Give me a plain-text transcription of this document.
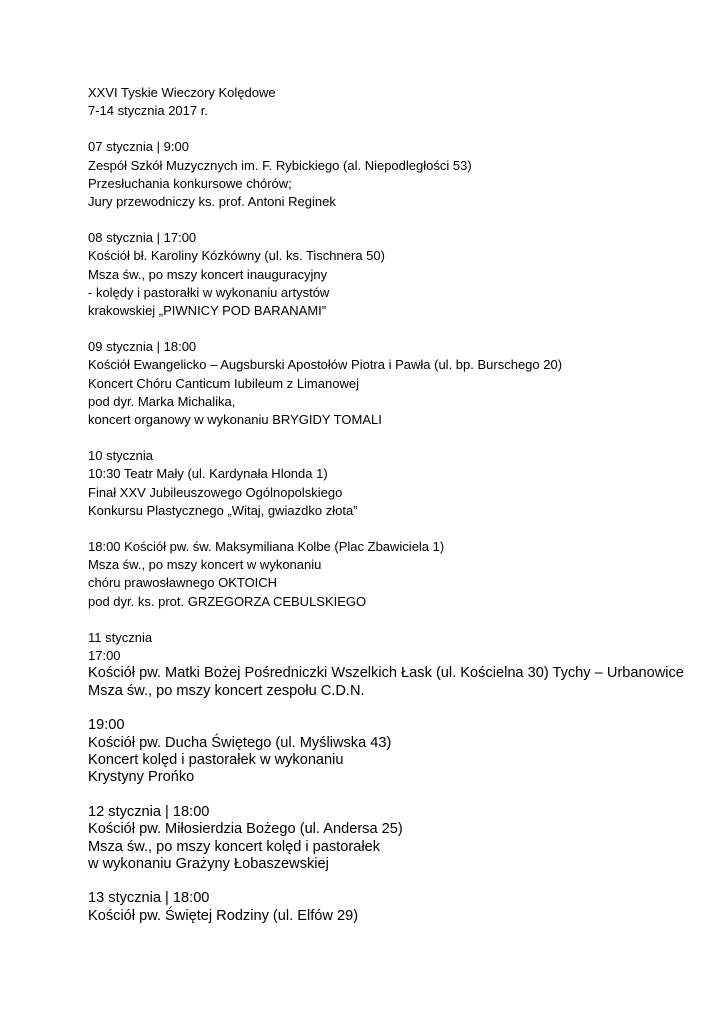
XXVI Tyskie Wieczory Kolędowe
7-14 stycznia 2017 r.
07 stycznia | 9:00
Zespół Szkół Muzycznych im. F. Rybickiego (al. Niepodległości 53)
Przesłuchania konkursowe chórów;
Jury przewodniczy ks. prof. Antoni Reginek
08 stycznia | 17:00
Kościół bł. Karoliny Kózkówny (ul. ks. Tischnera 50)
Msza św., po mszy koncert inauguracyjny
- kolędy i pastorałki w wykonaniu artystów
krakowskiej „PIWNICY POD BARANAMI”
09 stycznia | 18:00
Kościół Ewangelicko – Augsburski Apostołów Piotra i Pawła (ul. bp. Burschego 20)
Koncert Chóru Canticum Iubileum z Limanowej
pod dyr. Marka Michalika,
koncert organowy w wykonaniu BRYGIDY TOMALI
10 stycznia
10:30 Teatr Mały (ul. Kardynała Hlonda 1)
Finał XXV Jubileuszowego Ogólnopolskiego
Konkursu Plastycznego „Witaj, gwiazdko złota”
18:00 Kościół pw. św. Maksymiliana Kolbe (Plac Zbawiciela 1)
Msza św., po mszy koncert w wykonaniu
chóru prawosławnego OKTOICH
pod dyr. ks. prot. GRZEGORZA CEBULSKIEGO
11 stycznia
17:00
Kościół pw. Matki Bożej Pośredniczki Wszelkich Łask (ul. Kościelna 30) Tychy – Urbanowice
Msza św., po mszy koncert zespołu C.D.N.
19:00
Kościół pw. Ducha Świętego (ul. Myśliwska 43)
Koncert kolęd i pastorałek w wykonaniu
Krystyny Prońko
12 stycznia | 18:00
Kościół pw. Miłosierdzia Bożego (ul. Andersa 25)
Msza św., po mszy koncert kolęd i pastorałek
w wykonaniu Grażyny Łobaszewskiej
13 stycznia | 18:00
Kościół pw. Świętej Rodziny (ul. Elfów 29)
